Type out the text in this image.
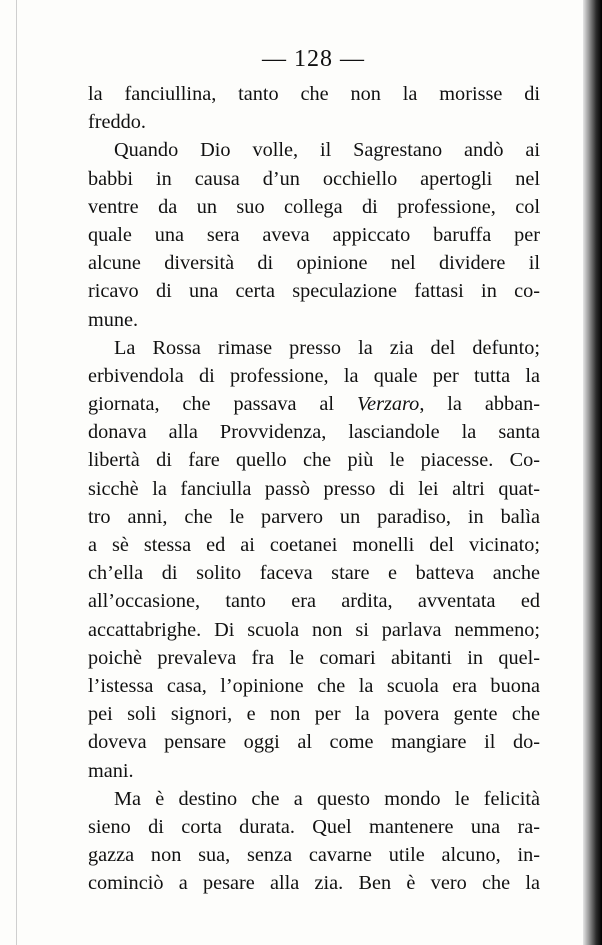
— 128 —
la fanciullina, tanto che non la morisse di
freddo.
Quando Dio volle, il Sagrestano andò ai
babbi in causa d’un occhiello apertogli nel
ventre da un suo collega di professione, col
quale una sera aveva appiccato baruffa per
alcune diversità di opinione nel dividere il
ricavo di una certa speculazione fattasi in co-
mune.
La Rossa rimase presso la zia del defunto;
erbivendola di professione, la quale per tutta la
giornata, che passava al Verzaro, la abban-
donava alla Provvidenza, lasciandole la santa
libertà di fare quello che più le piacesse. Co-
sicchè la fanciulla passò presso di lei altri quat-
tro anni, che le parvero un paradiso, in balìa
a sè stessa ed ai coetanei monelli del vicinato;
ch’ella di solito faceva stare e batteva anche
all’occasione, tanto era ardita, avventata ed
accattabrighe. Di scuola non si parlava nemmeno;
poichè prevaleva fra le comari abitanti in quel-
l’istessa casa, l’opinione che la scuola era buona
pei soli signori, e non per la povera gente che
doveva pensare oggi al come mangiare il do-
mani.
Ma è destino che a questo mondo le felicità
sieno di corta durata. Quel mantenere una ra-
gazza non sua, senza cavarne utile alcuno, in-
cominciò a pesare alla zia. Ben è vero che la
